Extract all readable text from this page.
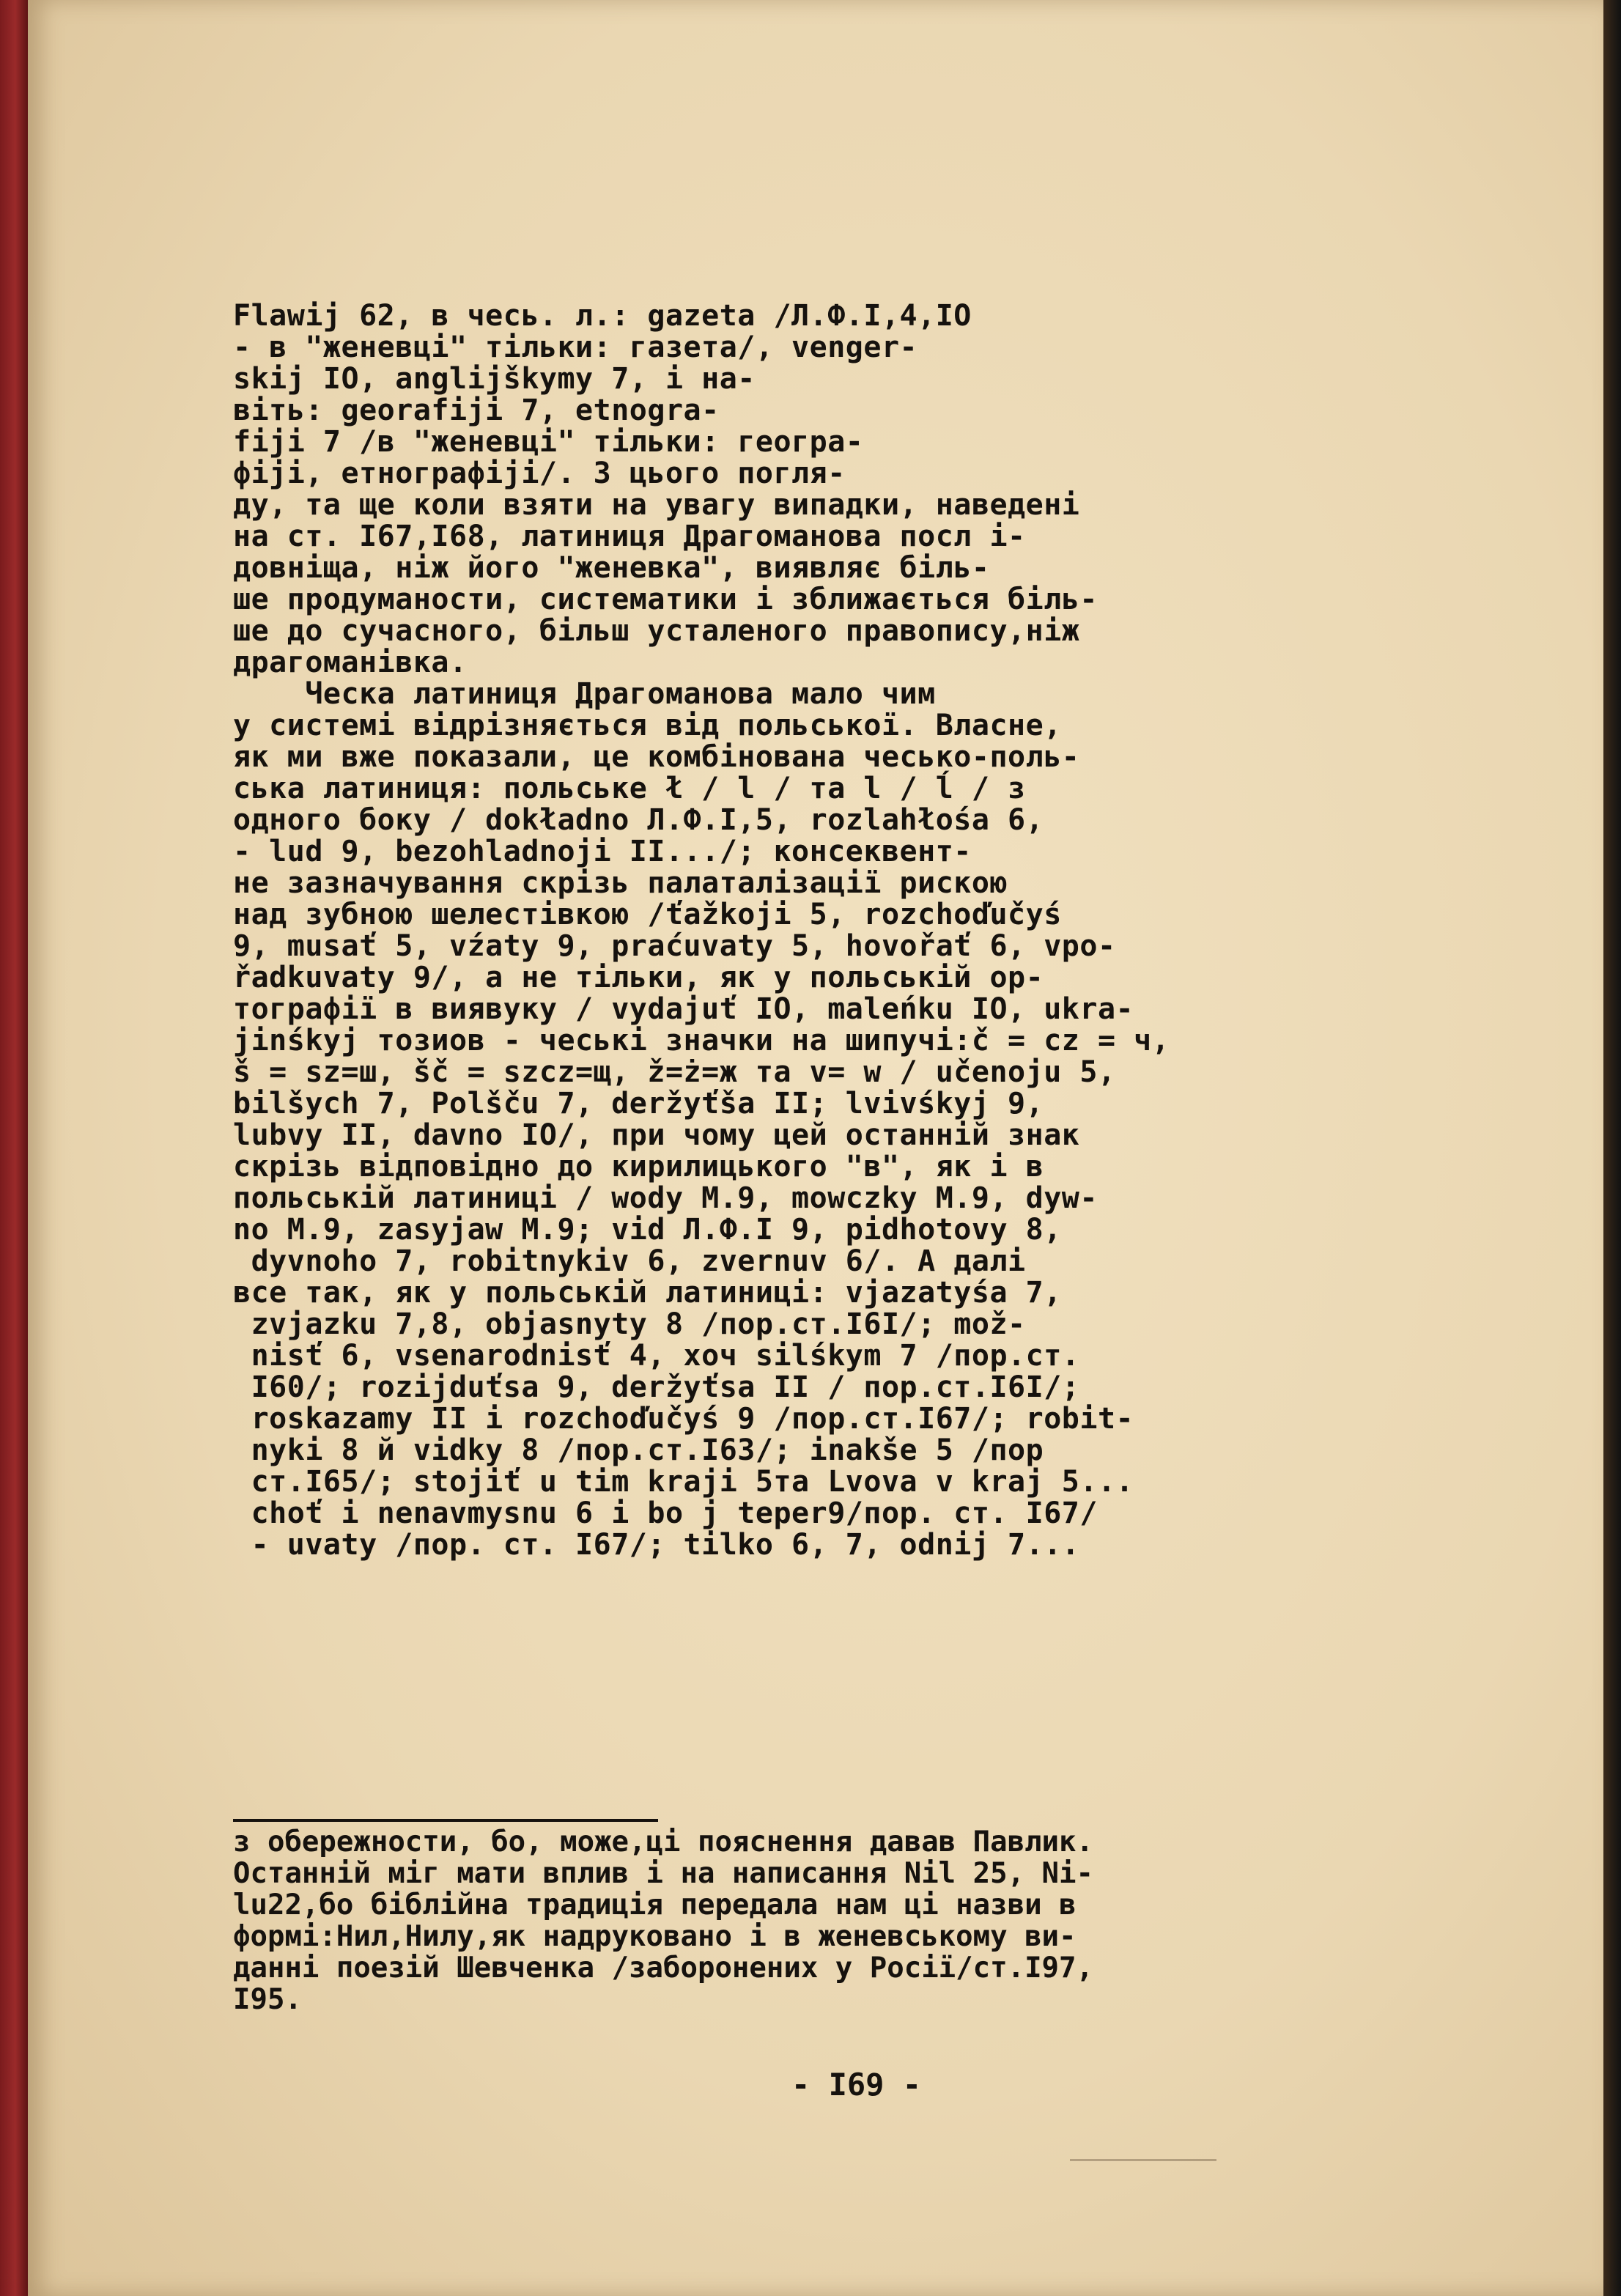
Flawij 62, в чесь. л.: gazeta /Л.Ф.I,4,IO
- в "женевці" тільки: газета/, venger-
skij IO, anglijškymy 7, і на-
віть: georafiji 7, etnogra-
fiji 7 /в "женевці" тільки: геогра-
фіjі, етнографіjі/. З цього погля-
ду, та ще коли взяти на увагу випадки, наведені
на ст. I67,I68, латиниця Драгоманова посл і-
довніща, ніж його "женевка", виявляє біль-
ше продуманости, систематики і зближається біль-
ше до сучасного, більш усталеного правопису,ніж
драгоманівка.
Ческа латиниця Драгоманова мало чим
у системі відрізняється від польської. Власне,
як ми вже показали, це комбінована чесько-поль-
ська латиниця: польське ł / l / та l / ĺ / з
одного боку / dokładno Л.Ф.I,5, rozlahłośa 6,
- lud 9, bezohladnoji II.../; консеквент-
не зазначування скрізь палаталізації рискою
над зубною шелестівкою /ťažkoji 5, rozchoďučyś
9, musať 5, vźaty 9, praćuvaty 5, hovořať 6, vpo-
řadkuvaty 9/, а не тільки, як у польській ор-
тографії в виявуку / vydajuť IO, maleńku IO, ukra-
jinśkyj тозиов - чеські значки на шипучі:č = cz = ч,
š = sz=ш, šč = szcz=щ, ž=ż=ж та v= w / učenoju 5,
bilšych 7, Polšču 7, deržyťša II; lvivśkyj 9,
lubvy II, davno IO/, при чому цей останній знак
скрізь відповідно до кирилицького "в", як і в
польській латиниці / wody М.9, mowczky М.9, dyw-
no М.9, zasyjaw М.9; vid Л.Ф.I 9, pidhotovy 8,
dyvnoho 7, robitnykiv 6, zvernuv 6/. А далі
все так, як у польській латиниці: vjazatyśa 7,
zvjazku 7,8, objasnyty 8 /пор.ст.I6I/; mož-
nisť 6, vsenarodnisť 4, хоч silśkym 7 /пор.ст.
I60/; rozijduťsa 9, deržyťsa II / пор.ст.I6I/;
roskazamy II і rozchoďučyś 9 /пор.ст.I67/; robit-
nyki 8 й vidky 8 /пор.ст.I63/; inakše 5 /пор
ст.I65/; stojiť u tim kraji 5та Lvova v kraj 5...
choť i nenavmysnu 6 і bo j teper9/пор. ст. I67/
- uvaty /пор. ст. I67/; tilko 6, 7, odnij 7...
з обережности, бо, може,ці пояснення давав Павлик.
Останній міг мати вплив і на написання Nil 25, Ni-
lu22,бо біблійна традиція передала нам ці назви в
формі:Нил,Нилу,як надруковано і в женевському ви-
данні поезій Шевченка /заборонених у Росії/ст.I97,
I95.
- I69 -
